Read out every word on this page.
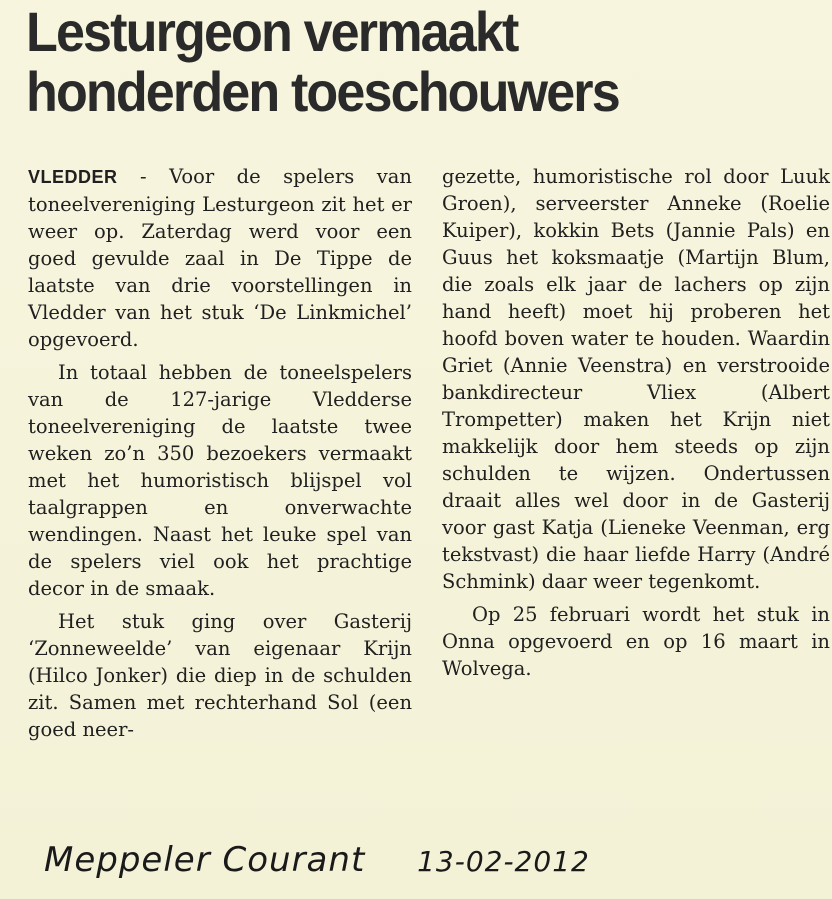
Lesturgeon vermaakt
honderden toeschouwers

VLEDDER - Voor de spelers van toneelvereniging Lesturgeon zit het er weer op. Zaterdag werd voor een goed gevulde zaal in De Tippe de laatste van drie voorstellingen in Vledder van het stuk ‘De Linkmichel’ opgevoerd.

In totaal hebben de toneelspelers van de 127-jarige Vledderse toneelvereniging de laatste twee weken zo’n 350 bezoekers vermaakt met het humoristisch blijspel vol taalgrappen en onverwachte wendingen. Naast het leuke spel van de spelers viel ook het prachtige decor in de smaak.

Het stuk ging over Gasterij ‘Zonneweelde’ van eigenaar Krijn (Hilco Jonker) die diep in de schulden zit. Samen met rechterhand Sol (een goed neer-

gezette, humoristische rol door Luuk Groen), serveerster Anneke (Roelie Kuiper), kokkin Bets (Jannie Pals) en Guus het koksmaatje (Martijn Blum, die zoals elk jaar de lachers op zijn hand heeft) moet hij proberen het hoofd boven water te houden. Waardin Griet (Annie Veenstra) en verstrooide bankdirecteur Vliex (Albert Trompetter) maken het Krijn niet makkelijk door hem steeds op zijn schulden te wijzen. Ondertussen draait alles wel door in de Gasterij voor gast Katja (Lieneke Veenman, erg tekstvast) die haar liefde Harry (André Schmink) daar weer tegenkomt.

Op 25 februari wordt het stuk in Onna opgevoerd en op 16 maart in Wolvega.

Meppeler Courant 13-02-2012
